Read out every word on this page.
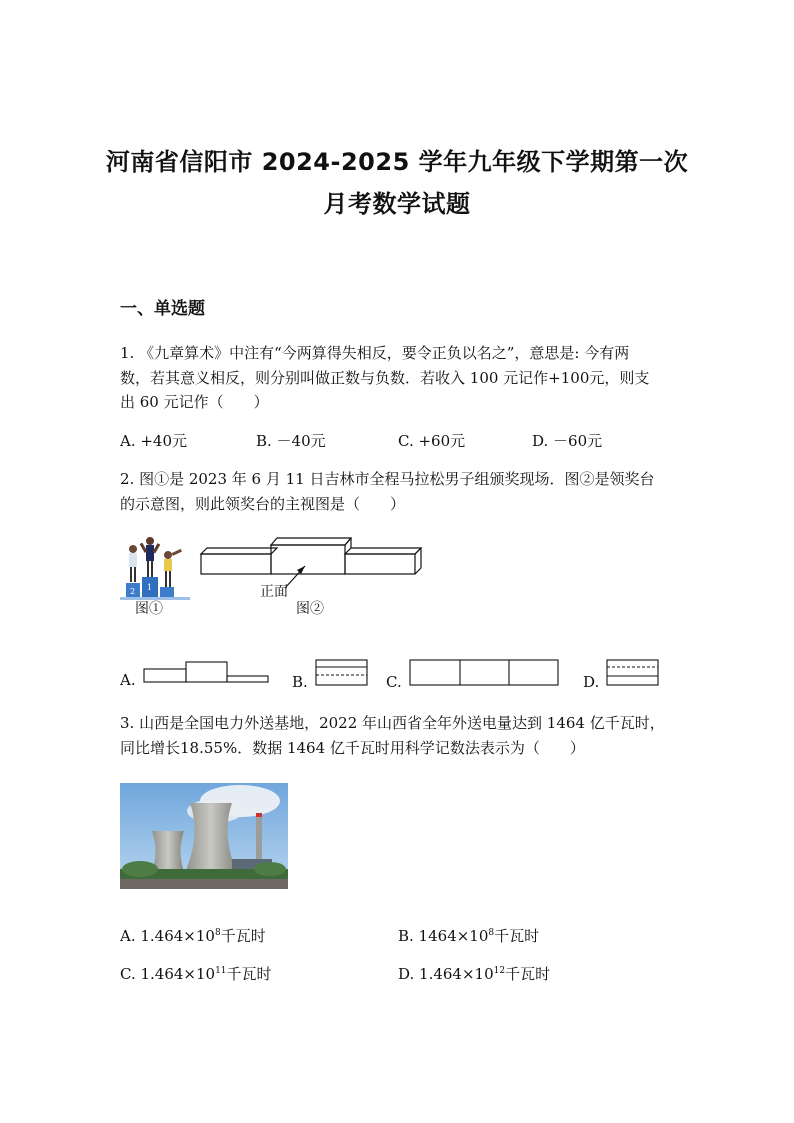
河南省信阳市 2024-2025 学年九年级下学期第一次
月考数学试题
一、单选题
1. 《九章算术》中注有“今两算得失相反，要令正负以名之”，意思是: 今有两
数，若其意义相反，则分别叫做正数与负数．若收入 100 元记作+100元，则支
出 60 元记作（　　）
A. +40元	B. －40元	C. +60元	D. －60元
2. 图①是 2023 年 6 月 11 日吉林市全程马拉松男子组颁奖现场．图②是领奖台
的示意图，则此领奖台的主视图是（　　）
2 1
图①
正面
图②
A.	B.	C.	D.
3. 山西是全国电力外送基地，2022 年山西省全年外送电量达到 1464 亿千瓦时，
同比增长18.55%．数据 1464 亿千瓦时用科学记数法表示为（　　）
A. $1.464\times 10^8$千瓦时	B. $1464\times 10^8$千瓦时
C. $1.464\times 10^{11}$千瓦时	D. $1.464\times 10^{12}$千瓦时
